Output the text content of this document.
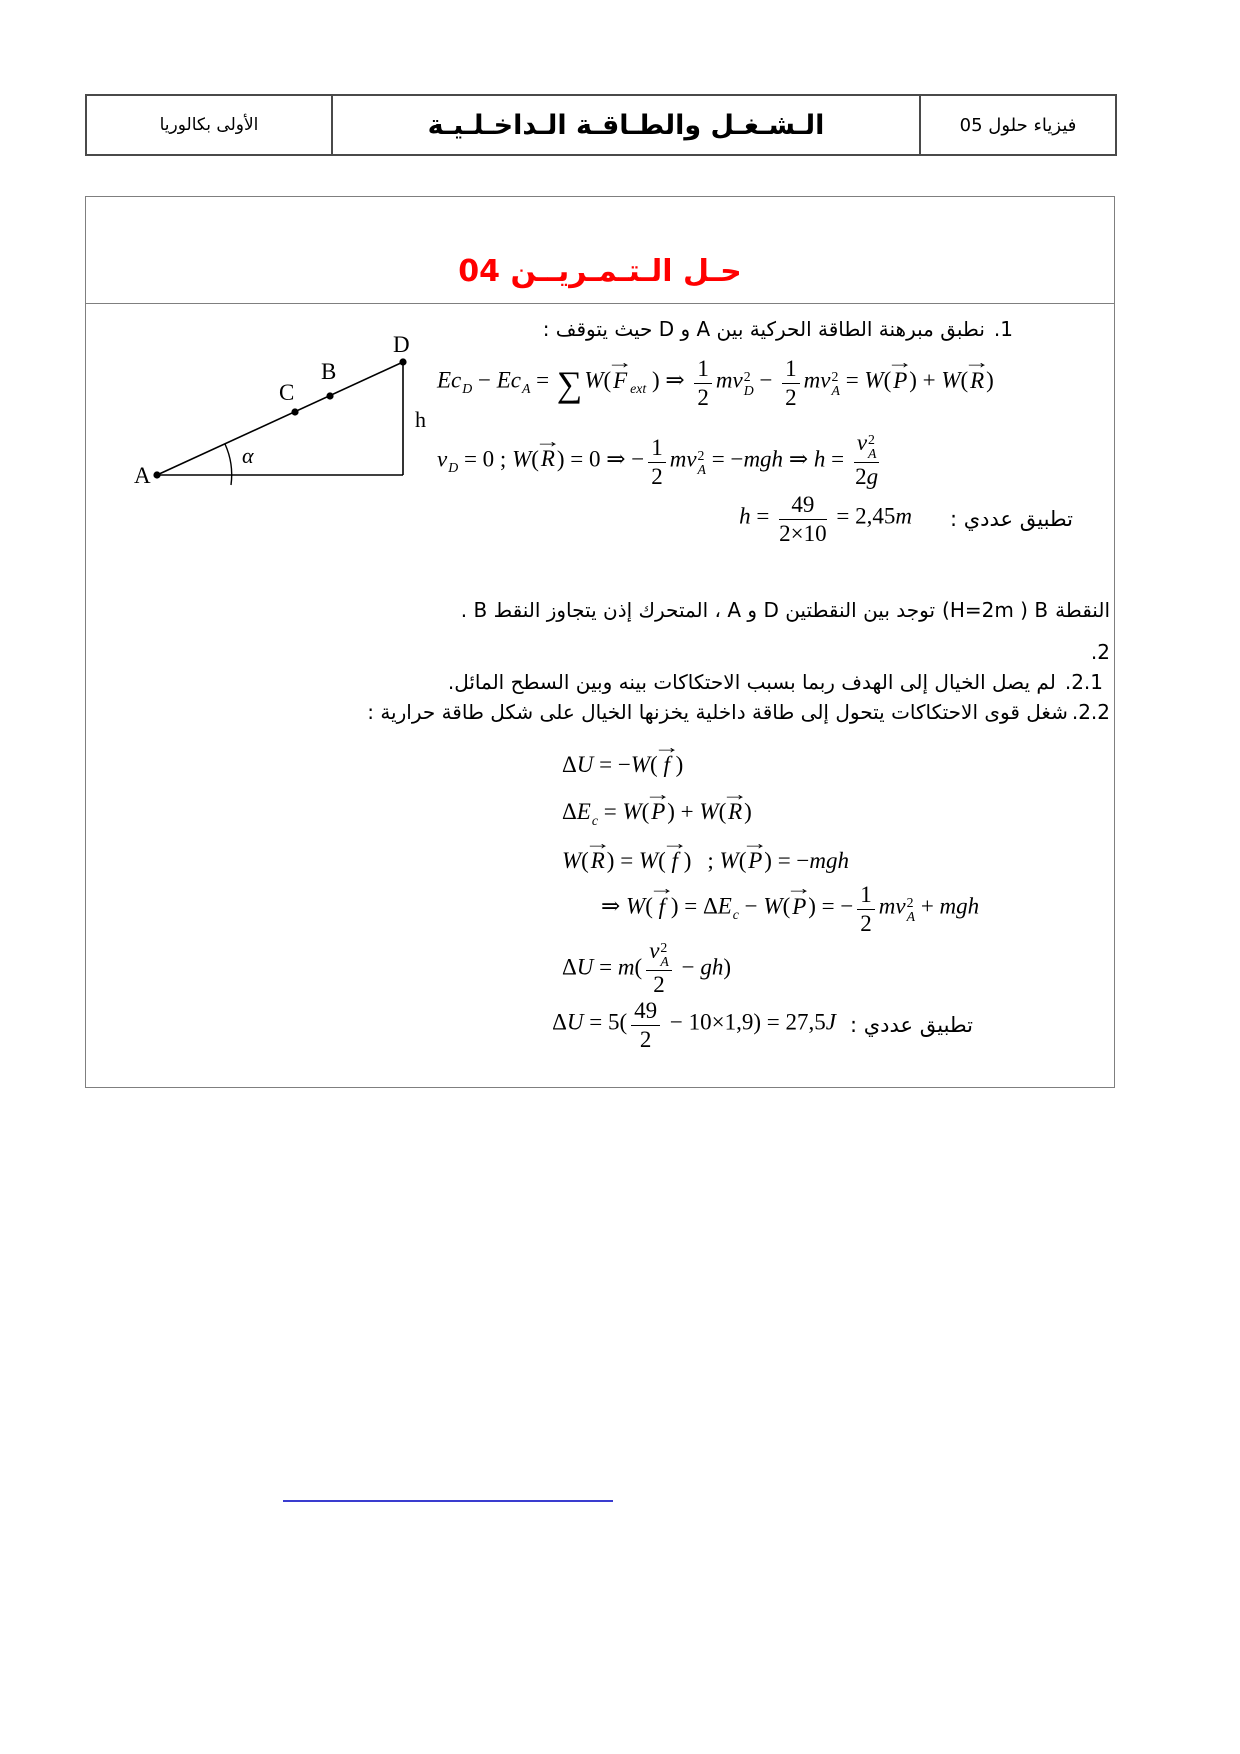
الأولى بكالوريا	الـشـغـل والطـاقـة الـداخـلـيـة	فيزياء حلول 05
حـل الـتـمـريــن 04
1.
نطبق مبرهنة الطاقة الحركية بين A و D حيث يتوقف :
A
C
B
D
h
α
$Ec_D - Ec_A = \sum W$(
→
F $_{ext}$ ) ⇒ $\frac{1}{2}$ mv 2
$D - \frac{1}{2}$ mv 2
A = W(
→
P) + W(
→
R)
$v_D = 0$ ; W(
→
R) = 0 ⇒ − $\frac{1}{2}$ mv 2
A = −mgh ⇒ h = v 2
A
2g
تطبيق عددي :
$h = \frac{49}{2\times 10} = 2,45m$
النقطة
(H=2m ) B
توجد بين النقطتين D و A ، المتحرك إذن يتجاوز النقط B .
2.
2.1.
لم يصل الخيال إلى الهدف ربما بسبب الاحتكاكات بينه وبين السطح المائل.
2.2.
شغل قوى الاحتكاكات يتحول إلى طاقة داخلية يخزنها الخيال على شكل طاقة حرارية :
ΔU = −W(
→
f )
$\Delta E_c = W$(
→
P) + W(
→
R)
W(
→
R) = W(
→
f ) ; W(
→
P) = −mgh
⇒ W(
→
f ) = $\Delta E_c - W$(
→
P) = − $\frac{1}{2}$ mv 2
A + mgh
ΔU = m( v 2
A
2 − gh)
تطبيق عددي :
$\Delta U = 5( \frac{49}{2} - 10\times 1,9) = 27,5J$
